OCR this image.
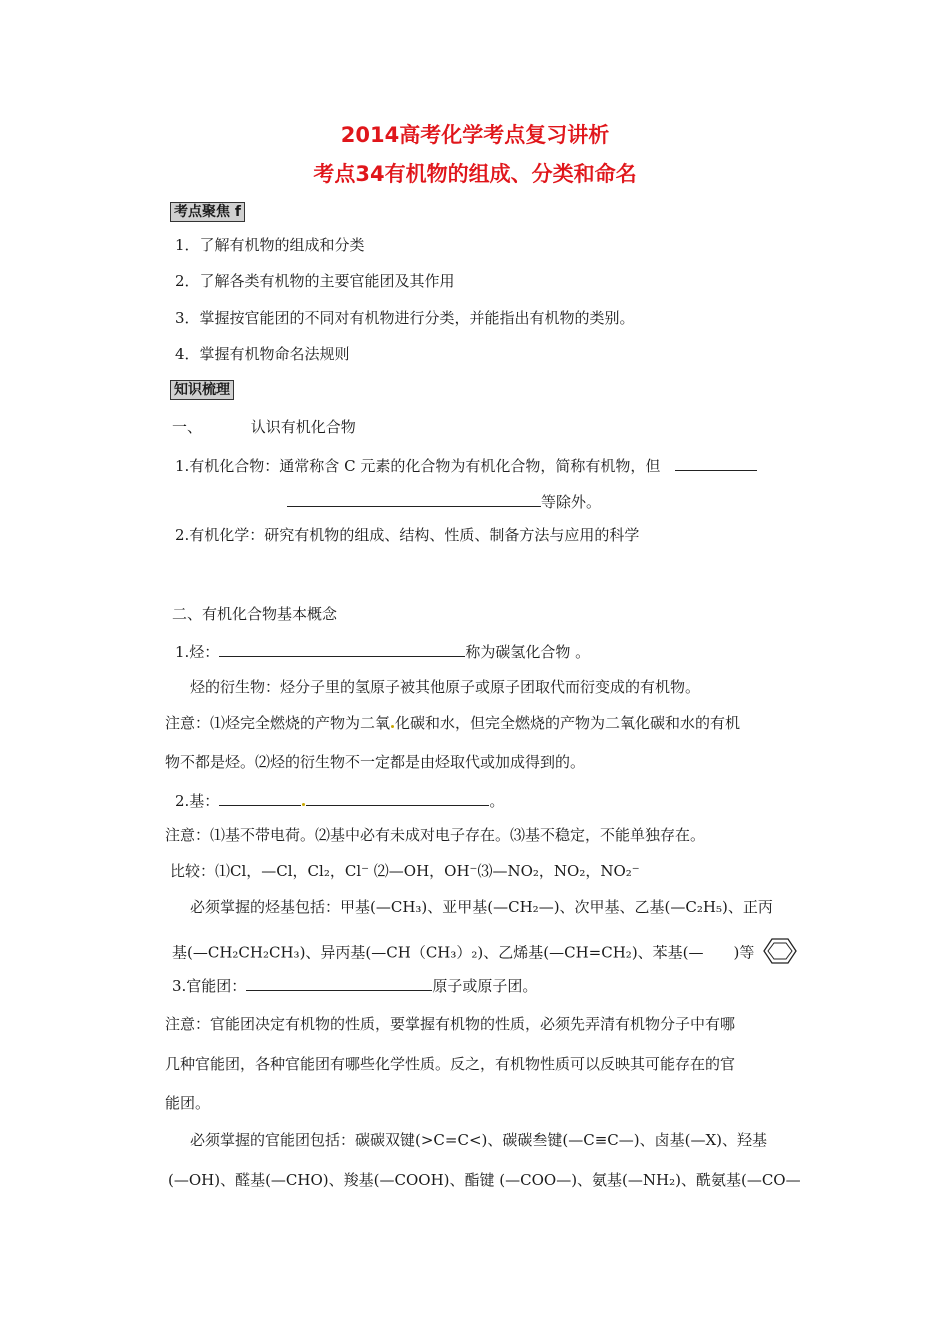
2014高考化学考点复习讲析
考点34有机物的组成、分类和命名
考点聚焦 f
1．了解有机物的组成和分类
2．了解各类有机物的主要官能团及其作用
3．掌握按官能团的不同对有机物进行分类，并能指出有机物的类别。
4．掌握有机物命名法规则
知识梳理
一、	认识有机化合物
1.有机化合物：通常称含 C 元素的化合物为有机化合物，简称有机物，但
等除外。
2.有机化学：研究有机物的组成、结构、性质、制备方法与应用的科学
二、有机化合物基本概念
1.烃：	称为碳氢化合物 。
烃的衍生物：烃分子里的氢原子被其他原子或原子团取代而衍变成的有机物。
注意：⑴烃完全燃烧的产物为二氧 化碳和水，但完全燃烧的产物为二氧化碳和水的有机
物不都是烃。⑵烃的衍生物不一定都是由烃取代或加成得到的。
2.基：	。
注意：⑴基不带电荷。⑵基中必有未成对电子存在。⑶基不稳定，不能单独存在。
比较：⑴Cl，—Cl，Cl₂，Cl⁻ ⑵—OH，OH⁻⑶—NO₂，NO₂，NO₂⁻
必须掌握的烃基包括：甲基(—CH₃)、亚甲基(—CH₂—)、次甲基、乙基(—C₂H₅)、正丙
基(—CH₂CH₂CH₃)、异丙基(—CH（CH₃）₂)、乙烯基(—CH=CH₂)、苯基(—　　)等
3.官能团：	原子或原子团。
注意：官能团决定有机物的性质，要掌握有机物的性质，必须先弄清有机物分子中有哪
几种官能团，各种官能团有哪些化学性质。反之，有机物性质可以反映其可能存在的官
能团。
必须掌握的官能团包括：碳碳双键(>C=C<)、碳碳叁键(—C≡C—)、卤基(—X)、羟基
(—OH)、醛基(—CHO)、羧基(—COOH)、酯键 (—COO—)、氨基(—NH₂)、酰氨基(—CO—
